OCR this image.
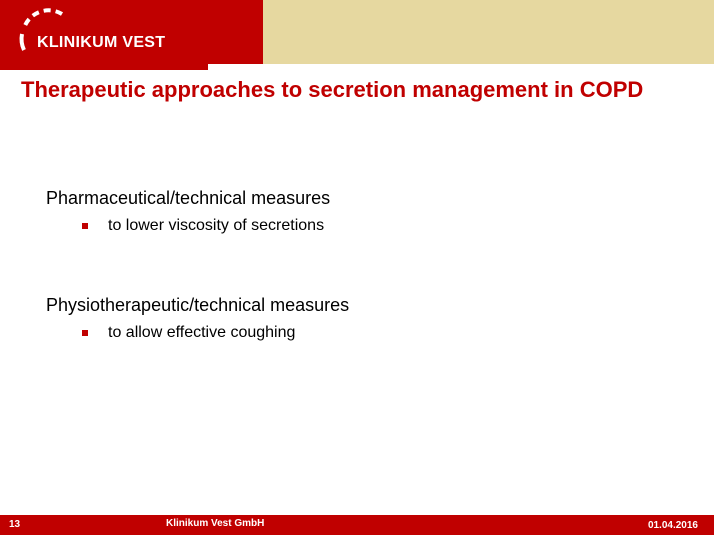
KLINIKUM VEST
Therapeutic approaches to secretion management in COPD
Pharmaceutical/technical measures
to lower viscosity of secretions
Physiotherapeutic/technical measures
to allow effective coughing
13	Klinikum Vest GmbH	01.04.2016
